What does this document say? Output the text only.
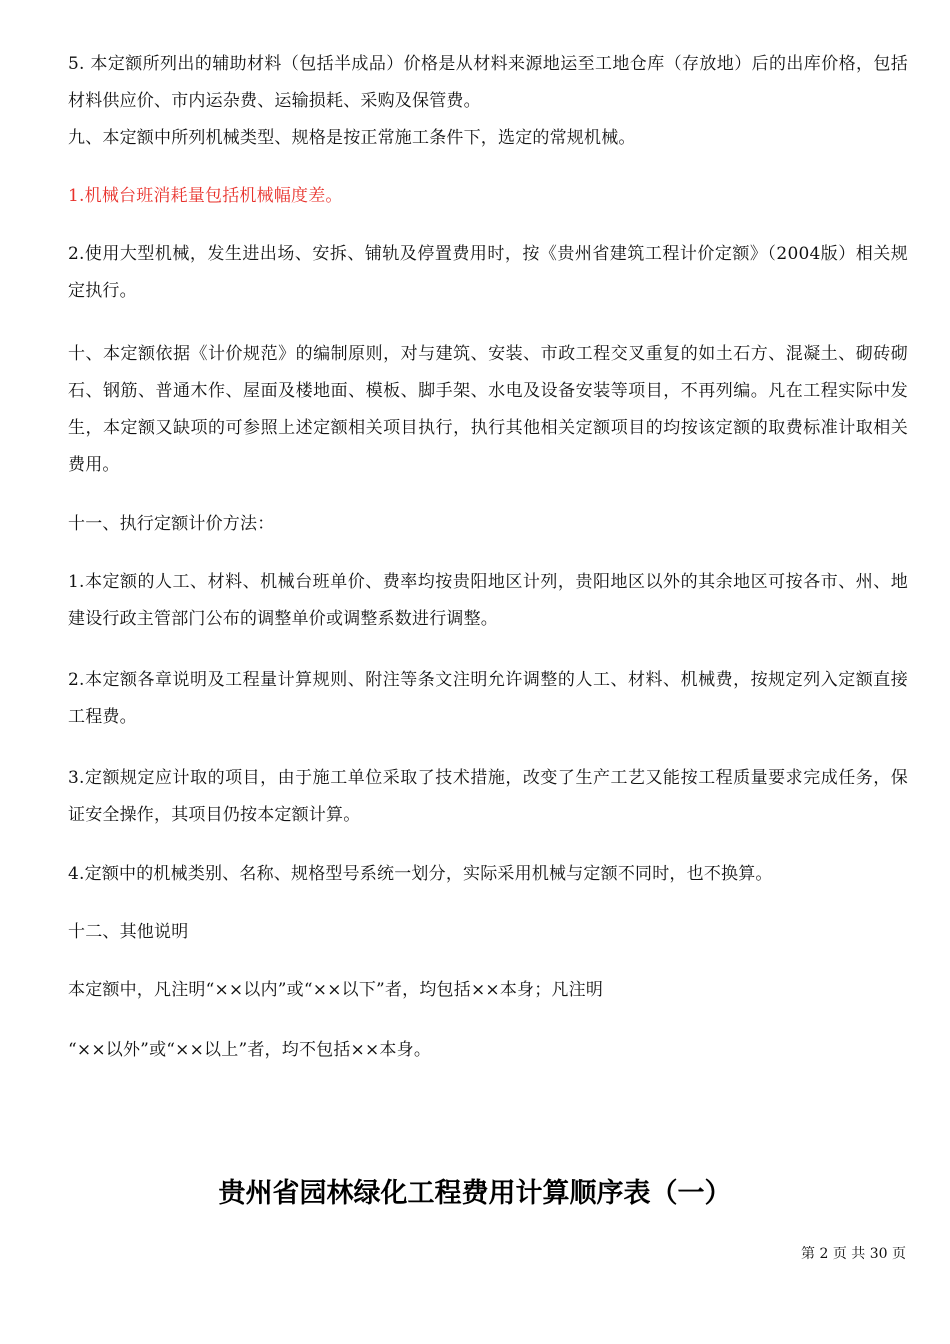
5. 本定额所列出的辅助材料（包括半成品）价格是从材料来源地运至工地仓库（存放地）后的出库价格，包括材料供应价、市内运杂费、运输损耗、采购及保管费。
九、本定额中所列机械类型、规格是按正常施工条件下，选定的常规机械。
1.机械台班消耗量包括机械幅度差。
2.使用大型机械，发生进出场、安拆、铺轨及停置费用时，按《贵州省建筑工程计价定额》（2004版）相关规定执行。
十、本定额依据《计价规范》的编制原则，对与建筑、安装、市政工程交叉重复的如土石方、混凝土、砌砖砌石、钢筋、普通木作、屋面及楼地面、模板、脚手架、水电及设备安装等项目，不再列编。凡在工程实际中发生，本定额又缺项的可参照上述定额相关项目执行，执行其他相关定额项目的均按该定额的取费标准计取相关费用。
十一、执行定额计价方法：
1.本定额的人工、材料、机械台班单价、费率均按贵阳地区计列，贵阳地区以外的其余地区可按各市、州、地建设行政主管部门公布的调整单价或调整系数进行调整。
2.本定额各章说明及工程量计算规则、附注等条文注明允许调整的人工、材料、机械费，按规定列入定额直接工程费。
3.定额规定应计取的项目，由于施工单位采取了技术措施，改变了生产工艺又能按工程质量要求完成任务，保证安全操作，其项目仍按本定额计算。
4.定额中的机械类别、名称、规格型号系统一划分，实际采用机械与定额不同时，也不换算。
十二、其他说明
本定额中，凡注明“××以内”或“××以下”者，均包括××本身；凡注明
“××以外”或“××以上”者，均不包括××本身。
贵州省园林绿化工程费用计算顺序表（一）
第 2 页 共 30 页
